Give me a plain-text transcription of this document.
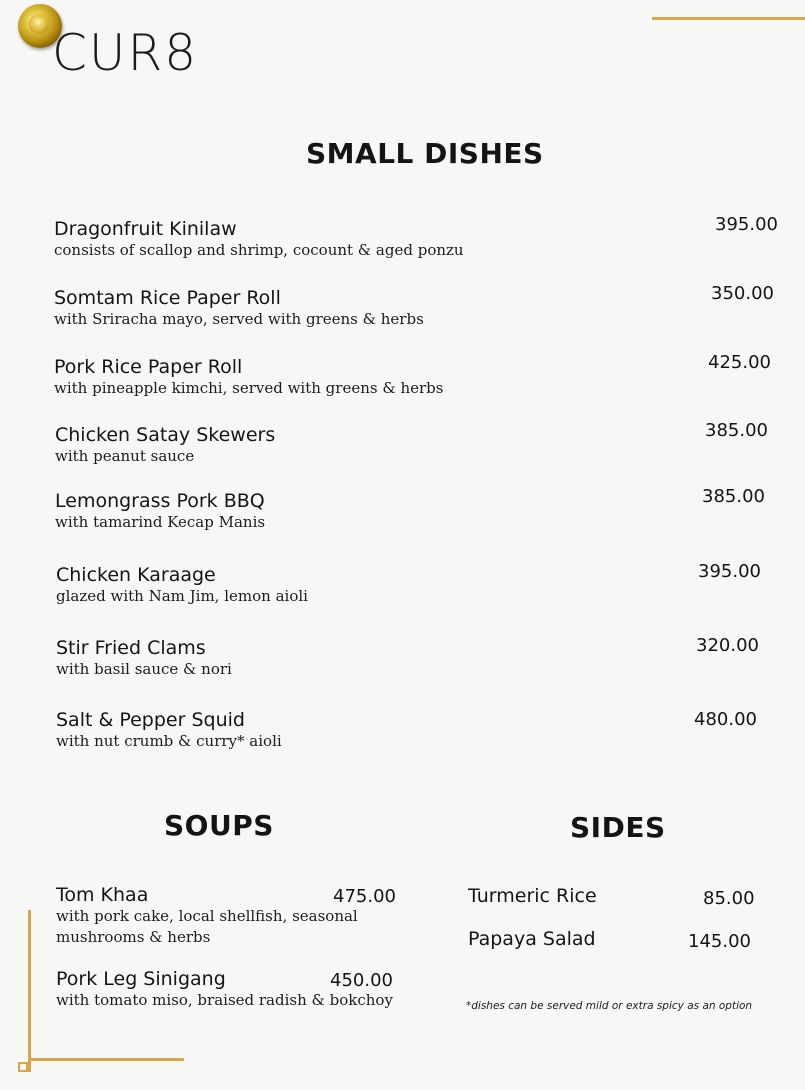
CUR8
SMALL DISHES
Dragonfruit Kinilaw
consists of scallop and shrimp, cocount & aged ponzu
395.00
Somtam Rice Paper Roll
with Sriracha mayo, served with greens & herbs
350.00
Pork Rice Paper Roll
with pineapple kimchi, served with greens & herbs
425.00
Chicken Satay Skewers
with peanut sauce
385.00
Lemongrass Pork BBQ
with tamarind Kecap Manis
385.00
Chicken Karaage
glazed with Nam Jim, lemon aioli
395.00
Stir Fried Clams
with basil sauce & nori
320.00
Salt & Pepper Squid
with nut crumb & curry* aioli
480.00
SOUPS
Tom Khaa
with pork cake, local shellfish, seasonal mushrooms & herbs
475.00
Pork Leg Sinigang
with tomato miso, braised radish & bokchoy
450.00
SIDES
Turmeric Rice	85.00
Papaya Salad	145.00
*dishes can be served mild or extra spicy as an option
